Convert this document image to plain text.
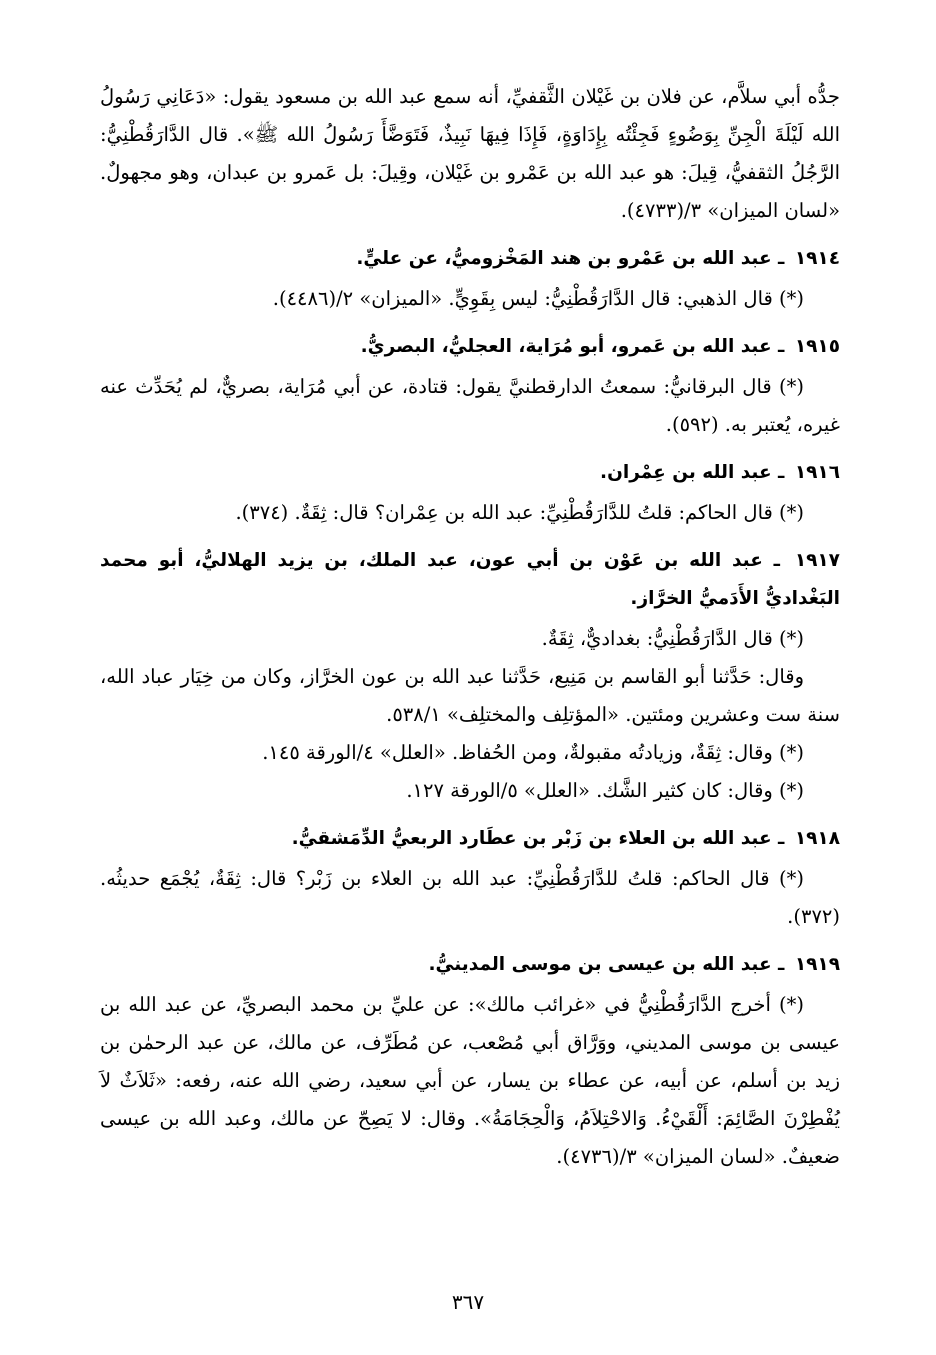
جدُّه أبي سلاَّم، عن فلان بن غَيْلان الثَّقفيِّ، أنه سمع عبد الله بن مسعود يقول: «دَعَانِي رَسُولُ الله لَيْلَةَ الْجِنِّ بِوَضُوءٍ فَجِئْتُه بِإِدَاوَةٍ، فَإِذَا فِيهَا نَبِيذٌ، فَتَوَضَّأَ رَسُولُ الله ﷺ». قال الدَّارَقُطْنِيُّ: الرَّجُلُ الثقفيُّ، قِيلَ: هو عبد الله بن عَمْرو بن غَيْلان، وقِيلَ: بل عَمرو بن عبدان، وهو مجهولٌ. «لسان الميزان» ٣/(٤٧٣٣).

١٩١٤ ـ عبد الله بن عَمْرو بن هند المَخْزوميُّ، عن عليٍّ.

(*) قال الذهبي: قال الدَّارَقُطْنِيُّ: ليس بِقَوِيٍّ. «الميزان» ٢/(٤٤٨٦).

١٩١٥ ـ عبد الله بن عَمرو، أبو مُرَاية، العجليُّ، البصريُّ.

(*) قال البرقانيُّ: سمعتُ الدارقطنيَّ يقول: قتادة، عن أبي مُرَاية، بصريٌّ، لم يُحَدِّث عنه غيره، يُعتبر به. (٥٩٢).

١٩١٦ ـ عبد الله بن عِمْران.

(*) قال الحاكم: قلتُ للدَّارَقُطْنِيِّ: عبد الله بن عِمْران؟ قال: ثِقَةٌ. (٣٧٤).

١٩١٧ ـ عبد الله بن عَوْن بن أبي عون، عبد الملك، بن يزيد الهلاليُّ، أبو محمد البَغْداديُّ الأَدَميُّ الخرَّاز.

(*) قال الدَّارَقُطْنِيُّ: بغداديٌّ، ثِقَةٌ.

وقال: حَدَّثنا أبو القاسم بن مَنِيع، حَدَّثنا عبد الله بن عون الخرَّاز، وكان من خِيَار عباد الله، سنة ست وعشرين ومئتين. «المؤتلِف والمختلِف» ٥٣٨/١.

(*) وقال: ثِقَةٌ، وزيادتُه مقبولةٌ، ومن الحُفاظ. «العلل» ٤/الورقة ١٤٥.

(*) وقال: كان كثير الشَّك. «العلل» ٥/الورقة ١٢٧.

١٩١٨ ـ عبد الله بن العلاء بن زَبْر بن عطَارد الربعيُّ الدِّمَشقيُّ.

(*) قال الحاكم: قلتُ للدَّارَقُطْنِيِّ: عبد الله بن العلاء بن زَبْر؟ قال: ثِقَةٌ، يُجْمَع حديثُه. (٣٧٢).

١٩١٩ ـ عبد الله بن عيسى بن موسى المدينيُّ.

(*) أخرج الدَّارَقُطْنِيُّ في «غرائب مالك»: عن عليِّ بن محمد البصريِّ، عن عبد الله بن عيسى بن موسى المديني، ووَرَّاق أبي مُصْعب، عن مُطَرِّف، عن مالك، عن عبد الرحمٰن بن زيد بن أسلم، عن أبيه، عن عطاء بن يسار، عن أبي سعيد، رضي الله عنه، رفعه: «ثَلاَثٌ لاَ يُفْطِرْنَ الصَّائِمَ: أَلْقَيْءُ. وَالاحْتِلاَمُ، وَالْحِجَامَةُ». وقال: لا يَصِحّ عن مالك، وعبد الله بن عيسى ضعيفٌ. «لسان الميزان» ٣/(٤٧٣٦).

٣٦٧
